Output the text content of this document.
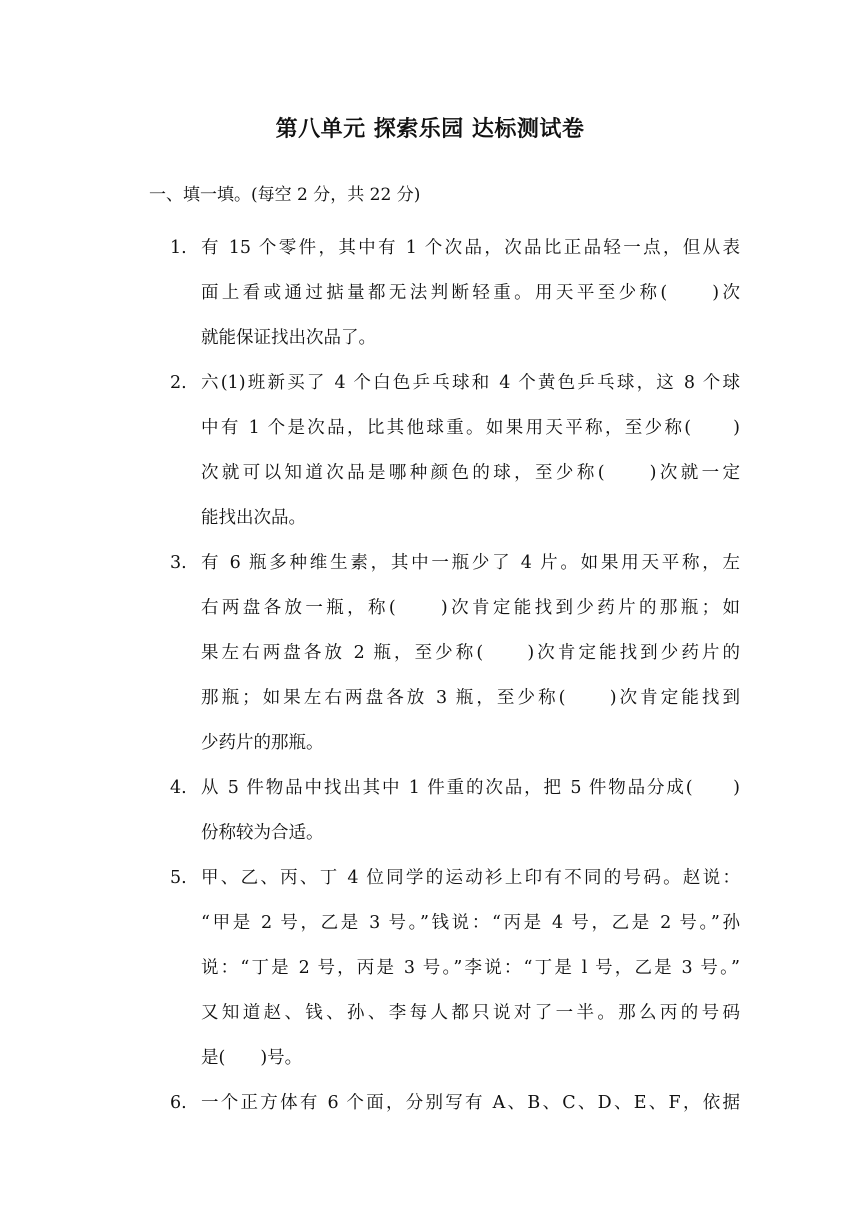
第八单元 探索乐园 达标测试卷
一、填一填。(每空 2 分，共 22 分)
1. 有 15 个零件，其中有 1 个次品，次品比正品轻一点，但从表
面上看或通过掂量都无法判断轻重。用天平至少称(　　)次
就能保证找出次品了。
2. 六(1)班新买了 4 个白色乒乓球和 4 个黄色乒乓球，这 8 个球
中有 1 个是次品，比其他球重。如果用天平称，至少称(　　)
次就可以知道次品是哪种颜色的球，至少称(　　)次就一定
能找出次品。
3. 有 6 瓶多种维生素，其中一瓶少了 4 片。如果用天平称，左
右两盘各放一瓶，称(　　)次肯定能找到少药片的那瓶；如
果左右两盘各放 2 瓶，至少称(　　)次肯定能找到少药片的
那瓶；如果左右两盘各放 3 瓶，至少称(　　)次肯定能找到
少药片的那瓶。
4. 从 5 件物品中找出其中 1 件重的次品，把 5 件物品分成(　　)
份称较为合适。
5. 甲、乙、丙、丁 4 位同学的运动衫上印有不同的号码。赵说：
“甲是 2 号，乙是 3 号。”钱说：“丙是 4 号，乙是 2 号。”孙
说：“丁是 2 号，丙是 3 号。”李说：“丁是 l 号，乙是 3 号。”
又知道赵、钱、孙、李每人都只说对了一半。那么丙的号码
是(　　)号。
6. 一个正方体有 6 个面，分别写有 A、B、C、D、E、F，依据
